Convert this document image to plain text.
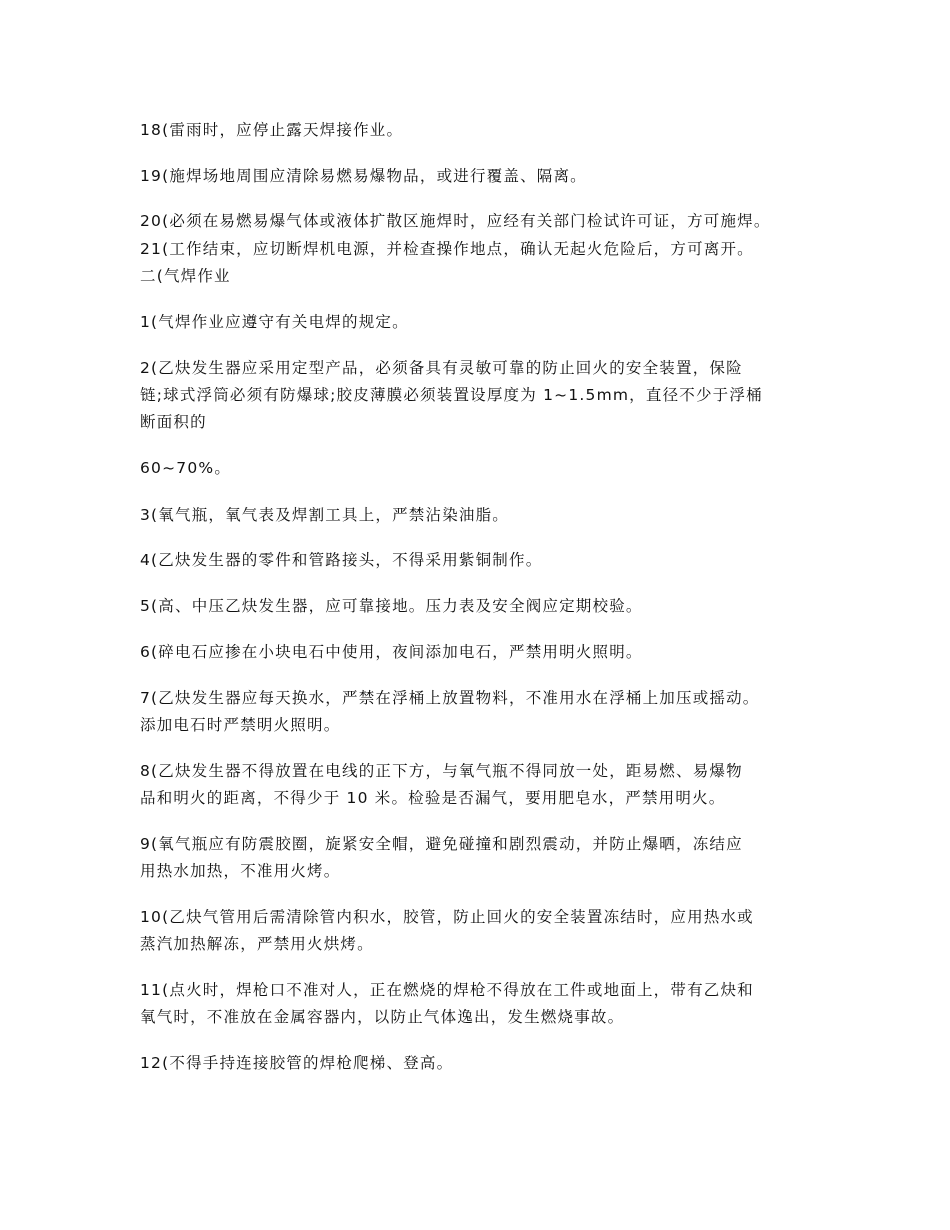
18(雷雨时，应停止露天焊接作业。
19(施焊场地周围应清除易燃易爆物品，或进行覆盖、隔离。
20(必须在易燃易爆气体或液体扩散区施焊时，应经有关部门检试许可证，方可施焊。
21(工作结束，应切断焊机电源，并检查操作地点，确认无起火危险后，方可离开。
二(气焊作业
1(气焊作业应遵守有关电焊的规定。
2(乙炔发生器应采用定型产品，必须备具有灵敏可靠的防止回火的安全装置，保险
链;球式浮筒必须有防爆球;胶皮薄膜必须装置设厚度为 1~1.5mm，直径不少于浮桶
断面积的
60~70%。
3(氧气瓶，氧气表及焊割工具上，严禁沾染油脂。
4(乙炔发生器的零件和管路接头，不得采用紫铜制作。
5(高、中压乙炔发生器，应可靠接地。压力表及安全阀应定期校验。
6(碎电石应掺在小块电石中使用，夜间添加电石，严禁用明火照明。
7(乙炔发生器应每天换水，严禁在浮桶上放置物料，不准用水在浮桶上加压或摇动。
添加电石时严禁明火照明。
8(乙炔发生器不得放置在电线的正下方，与氧气瓶不得同放一处，距易燃、易爆物
品和明火的距离，不得少于 10 米。检验是否漏气，要用肥皂水，严禁用明火。
9(氧气瓶应有防震胶圈，旋紧安全帽，避免碰撞和剧烈震动，并防止爆晒，冻结应
用热水加热，不准用火烤。
10(乙炔气管用后需清除管内积水，胶管，防止回火的安全装置冻结时，应用热水或
蒸汽加热解冻，严禁用火烘烤。
11(点火时，焊枪口不准对人，正在燃烧的焊枪不得放在工件或地面上，带有乙炔和
氧气时，不准放在金属容器内，以防止气体逸出，发生燃烧事故。
12(不得手持连接胶管的焊枪爬梯、登高。
